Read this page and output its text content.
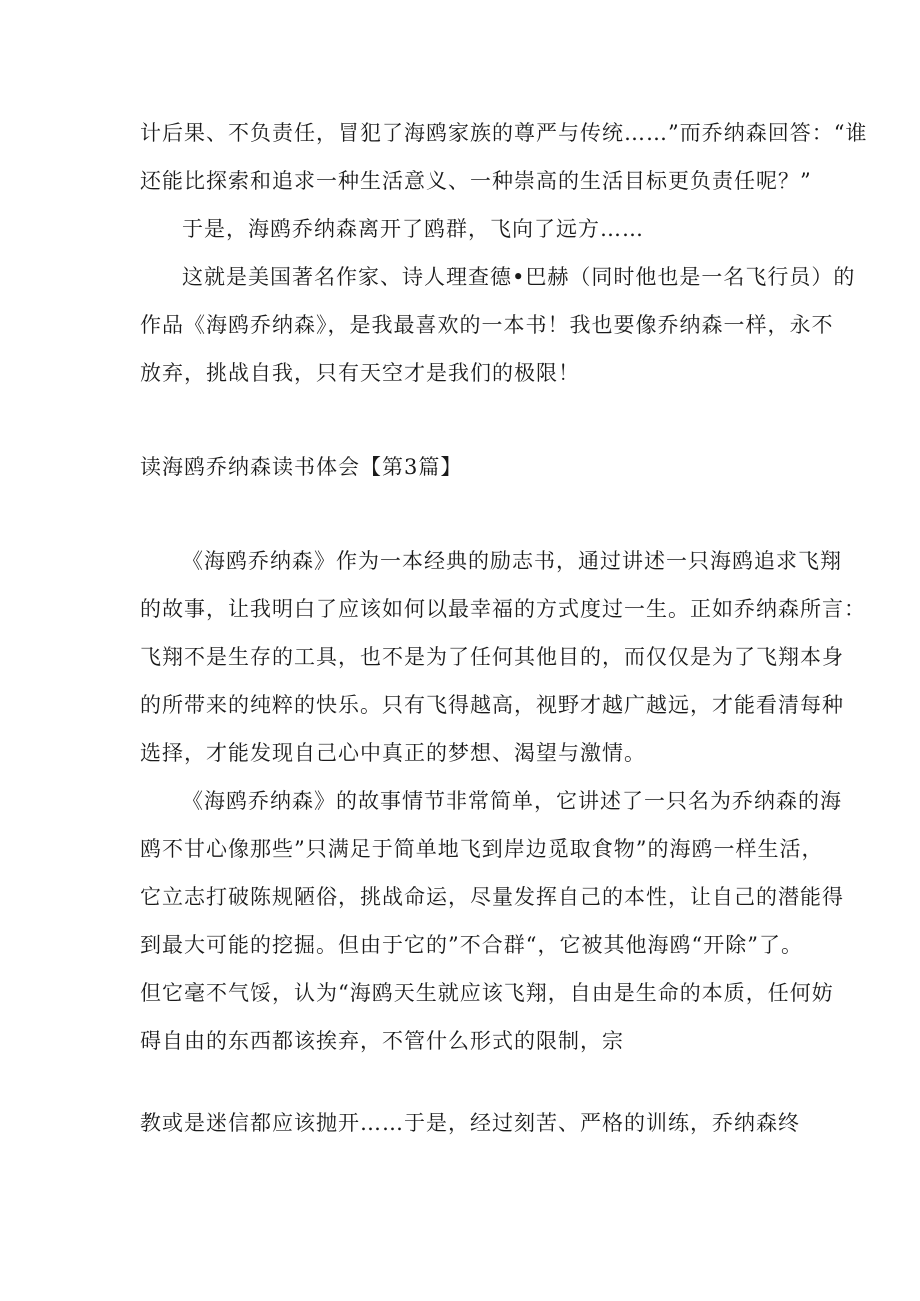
计后果、不负责任，冒犯了海鸥家族的尊严与传统……”而乔纳森回答：“谁
还能比探索和追求一种生活意义、一种崇高的生活目标更负责任呢？”
于是，海鸥乔纳森离开了鸥群，飞向了远方……
这就是美国著名作家、诗人理查德•巴赫（同时他也是一名飞行员）的
作品《海鸥乔纳森》，是我最喜欢的一本书！我也要像乔纳森一样，永不
放弃，挑战自我，只有天空才是我们的极限！
读海鸥乔纳森读书体会【第3篇】
《海鸥乔纳森》作为一本经典的励志书，通过讲述一只海鸥追求飞翔
的故事，让我明白了应该如何以最幸福的方式度过一生。正如乔纳森所言：
飞翔不是生存的工具，也不是为了任何其他目的，而仅仅是为了飞翔本身
的所带来的纯粹的快乐。只有飞得越高，视野才越广越远，才能看清每种
选择，才能发现自己心中真正的梦想、渴望与激情。
《海鸥乔纳森》的故事情节非常简单，它讲述了一只名为乔纳森的海
鸥不甘心像那些”只满足于简单地飞到岸边觅取食物”的海鸥一样生活，
它立志打破陈规陋俗，挑战命运，尽量发挥自己的本性，让自己的潜能得
到最大可能的挖掘。但由于它的”不合群“，它被其他海鸥“开除”了。
但它毫不气馁，认为“海鸥天生就应该飞翔，自由是生命的本质，任何妨
碍自由的东西都该挨弃，不管什么形式的限制，宗
教或是迷信都应该抛开……于是，经过刻苦、严格的训练，乔纳森终
